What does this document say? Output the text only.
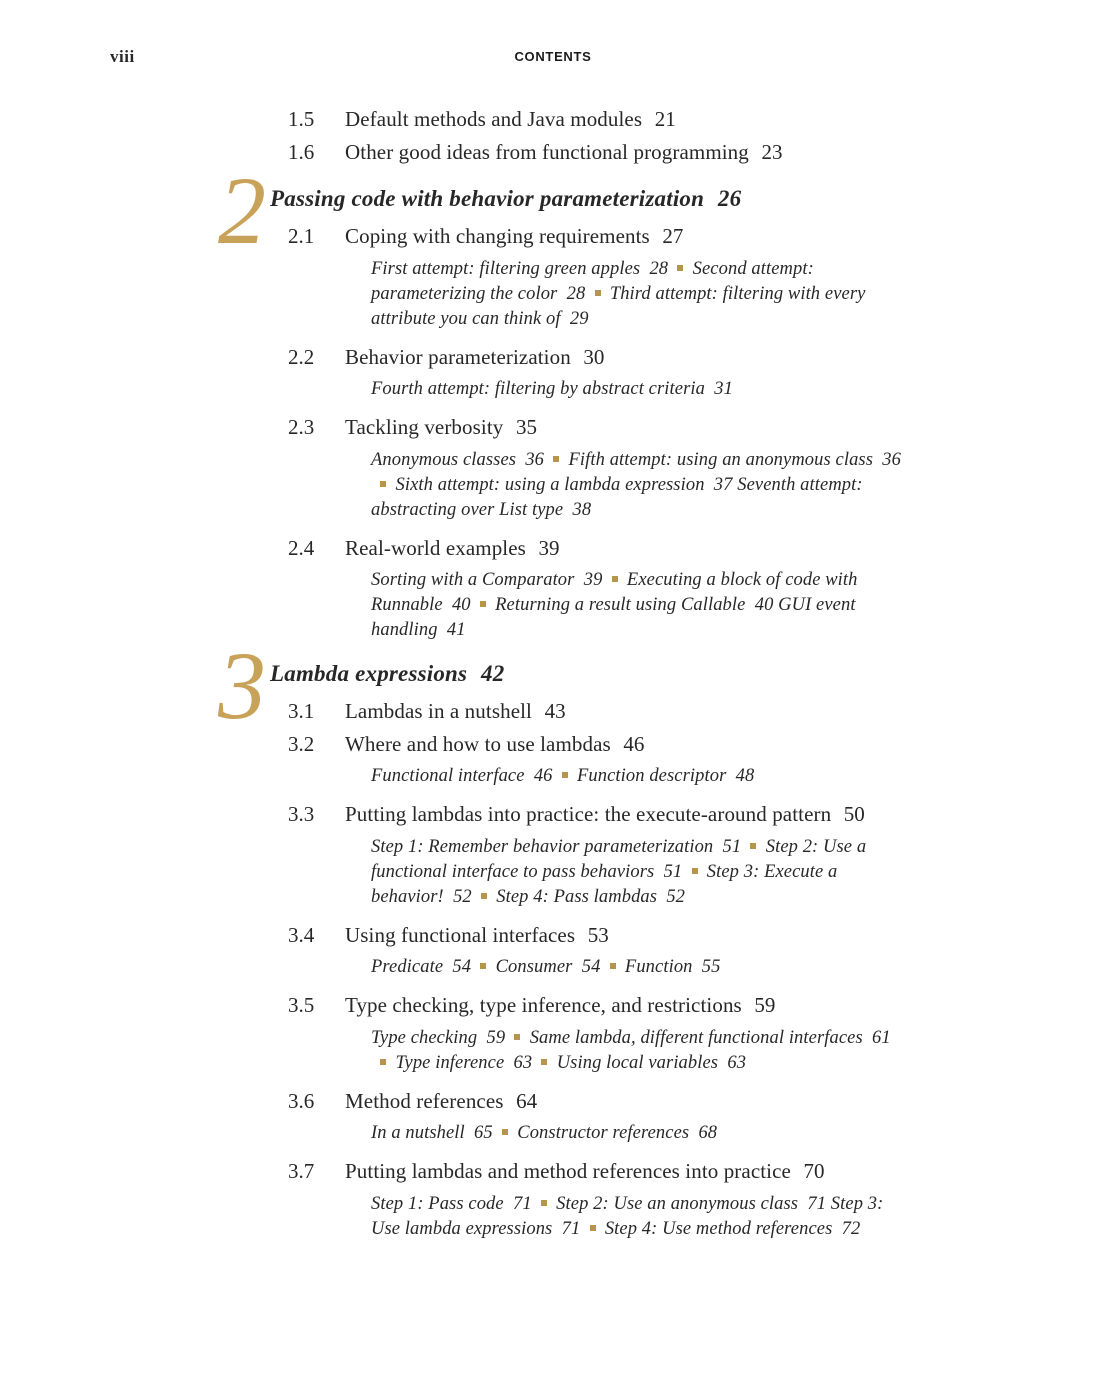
viii	CONTENTS
1.5	Default methods and Java modules 21
1.6	Other good ideas from functional programming 23
2 Passing code with behavior parameterization 26
2.1	Coping with changing requirements 27
First attempt: filtering green apples 28 Second attempt: parameterizing the color 28 Third attempt: filtering with every attribute you can think of 29
2.2	Behavior parameterization 30
Fourth attempt: filtering by abstract criteria 31
2.3	Tackling verbosity 35
Anonymous classes 36 Fifth attempt: using an anonymous class 36Sixth attempt: using a lambda expression 37 Seventh attempt: abstracting over List type 38
2.4	Real-world examples 39
Sorting with a Comparator 39 Executing a block of code with Runnable 40 Returning a result using Callable 40 GUI event handling 41
3 Lambda expressions 42
3.1	Lambdas in a nutshell 43
3.2	Where and how to use lambdas 46
Functional interface 46 Function descriptor 48
3.3	Putting lambdas into practice: the execute-around pattern 50
Step 1: Remember behavior parameterization 51 Step 2: Use a functional interface to pass behaviors 51 Step 3: Execute a behavior! 52 Step 4: Pass lambdas 52
3.4	Using functional interfaces 53
Predicate 54 Consumer 54 Function 55
3.5	Type checking, type inference, and restrictions 59
Type checking 59 Same lambda, different functional interfaces 61Type inference 63 Using local variables 63
3.6	Method references 64
In a nutshell 65 Constructor references 68
3.7	Putting lambdas and method references into practice 70
Step 1: Pass code 71 Step 2: Use an anonymous class 71 Step 3: Use lambda expressions 71 Step 4: Use method references 72
